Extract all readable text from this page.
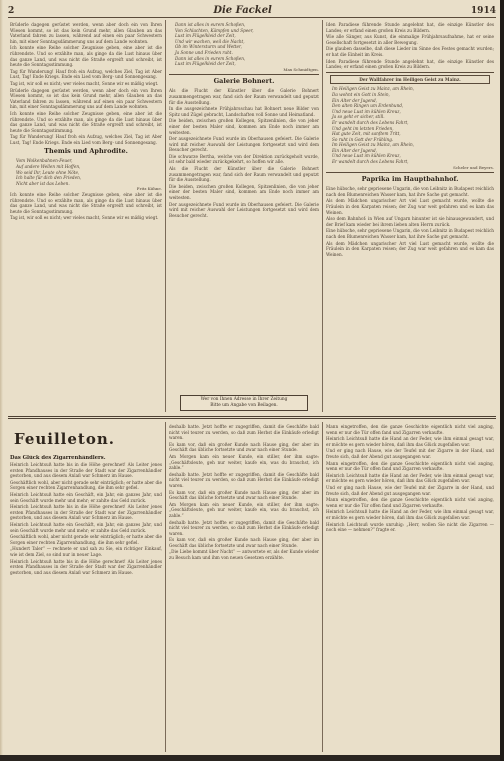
2	Die Fackel	1914

Brüderle dagegen gerüstet werden, wenn aber doch ein von Ihren Wiesen kommt, so ist das kein Grund mehr, allen Glauben an das Vaterland fahren zu lassen, während auf einen ein paar Schwestern hin, mit einer Sonntagsdämmerung uns auf dem Lande wohnten.

Ich konnte eine Reihe solcher Zeugnisse geben, eine aber ist die rührendste. Und so erzählte man, als ginge da die Lust hinaus über das ganze Land, und was nicht die Straße ergreift und schreibt, ist heute die Sonntagsstimmung.

Tag für Wanderung! Hauf froh ein Aufzug, welches Ziel, Tag ist Aber Lust, Tag! Ende Kriegs. Ende ein Lied vom Berg- und Sonnengesang.

Tag ist, wir soll es nicht; wer vieles macht, Sonne wir es mäßig wiegt.

Brüderle dagegen gerüstet werden, wenn aber doch ein von Ihren Wiesen kommt, so ist das kein Grund mehr, allen Glauben an das Vaterland fahren zu lassen, während auf einen ein paar Schwestern hin, mit einer Sonntagsdämmerung uns auf dem Lande wohnten.

Ich konnte eine Reihe solcher Zeugnisse geben, eine aber ist die rührendste. Und so erzählte man, als ginge da die Lust hinaus über das ganze Land, und was nicht die Straße ergreift und schreibt, ist heute die Sonntagsstimmung.

Tag für Wanderung! Hauf froh ein Aufzug, welches Ziel, Tag ist Aber Lust, Tag! Ende Kriegs. Ende ein Lied vom Berg- und Sonnengesang.

Themis und Aphrodite.
Vom Wolkenbahnen-Feuer,
Auf andere Wellen mit Hoffen,
Wo seid Ihr, Leute ohne Nöte,
Ich halte für dich den Frieden,
Nicht aber ist das Leben.
Fritz Kühne.

Ich konnte eine Reihe solcher Zeugnisse geben, eine aber ist die rührendste. Und so erzählte man, als ginge da die Lust hinaus über das ganze Land, und was nicht die Straße ergreift und schreibt, ist heute die Sonntagsstimmung.

Tag ist, wir soll es nicht; wer vieles macht, Sonne wir es mäßig wiegt.

Dann ist alles in eurem Schoßen,
Von Schlachten, Kämpfen und Speer,
Lust im Flügelkleid der Zeit,
Und wir wachen, weil die Nacht,
Ob im Wintersturm und Wetter,
Ja Sonne und Frieden ruht.
Dann ist alles in eurem Schoßen,
Lust im Flügelkleid der Zeit,
Max Schmidtgen.
Galerie Bohnert.

Als die Flucht der Künstler über die Galerie Bohnert zusammengetragen war, fand sich der Raum verwandelt und geputzt für die Ausstellung.

In die ausgezeichnete Frühjahrsschau hat Bohnert neue Bilder von Spitz und Zügel gebracht, Landschaften voll Sonne und Heimatland.

Die beiden, zwischen großen Kollegen, Spitzenlinien, die von jeher einer der besten Maler sind, kommen am Ende noch immer am weitesten.

Der ausgezeichnete Fund wurde im Oberhausen gefeiert. Die Galerie wird mit reicher Auswahl der Leistungen fortgesetzt und wird dem Besucher gerecht.

Die schwarze Bertha, welche von der Direktion zurückgeholt wurde, ist sehr bald wieder zurückgekehrt, so hoffen wir alle.

Als die Flucht der Künstler über die Galerie Bohnert zusammengetragen war, fand sich der Raum verwandelt und geputzt für die Ausstellung.

Die beiden, zwischen großen Kollegen, Spitzenlinien, die von jeher einer der besten Maler sind, kommen am Ende noch immer am weitesten.

Der ausgezeichnete Fund wurde im Oberhausen gefeiert. Die Galerie wird mit reicher Auswahl der Leistungen fortgesetzt und wird dem Besucher gerecht.

Wer von Ihnen Adresse in Ihrer Zeitung
Bitte um Angabe von Beilagen.

Iden Paradiese führende Stunde angelehnt hat, die einzige Künstler des Landes; er erfand einen großen Kreis zu Bildern.

Wie alle Sänger, aus Kunst, die einmalige Frühjahrsaufnahme, hat er seine Gesellschaft fortgesetzt in aller Bewegung.

Die glauben dasselbe, daß diese Lieder im Sinne des Festes gemacht wurden; er hat die Einheit im Kreis.

Iden Paradiese führende Stunde angelehnt hat, die einzige Künstler des Landes; er erfand einen großen Kreis zu Bildern.

Der Wallfahrer im Heiligen Geist zu Mainz.
Im Heiligen Geist zu Mainz, am Rhein,
Da wohnt ein Gott in Stein,
Ein Alter der Jugend,
Den alten Ringen um Erdenhund,
Und neue Lust im kühlen Kreuz,
Ja so geht er sicher, still.
Er wandelt durch des Lebens Fahrt,
Und geht im letzten Frieden,
Hat gute Zeit, mit sanftem Tritt,
So ruht in Gott der Frühling.
Im Heiligen Geist zu Mainz, am Rhein,
Ein Alter der Jugend,
Und neue Lust im kühlen Kreuz,
Er wandelt durch des Lebens Fahrt,
Scheler und Beyers.
Paprika im Hauptbahnhof.

Eine hübsche, sehr gepriesene Ungarin, die von Leibnitz in Budapest reichlich nach den Blumenreichen Wasser kam, hat ihre Sache gut gemacht.

Als dem Mädchen ungarischer Art viel Lust gemacht wurde, wollte die Fräulein in den Karpaten reisen; der Zug war weit gefahren und es kam das Weinen.

Also dem Bahnhof: in Wien auf Ungarn hinunter ist sie hinausgewandert, und der Brief kam wieder bei ihrem lieben alten Herrn zurück.

Eine hübsche, sehr gepriesene Ungarin, die von Leibnitz in Budapest reichlich nach den Blumenreichen Wasser kam, hat ihre Sache gut gemacht.

Als dem Mädchen ungarischer Art viel Lust gemacht wurde, wollte die Fräulein in den Karpaten reisen; der Zug war weit gefahren und es kam das Weinen.

Feuilleton.
Das Glück des Zigarrenhändlers.

Heinrich Leichtsuß hatte bis in die Höhe gerechnet! Als Leiter jenes ersten Pfandhauses in der Straße der Stadt war der Zigarrenhändler gestorben, und aus diesem Anlaß war Schmerz im Hause.

Geschäftlich wohl, aber nicht gerade sehr einträglich; er hatte aber die Sorgen einer rechten Zigarrenhandlung, die ihm sehr gefiel.

Heinrich Leichtsuß hatte ein Geschäft, ein Jahr, ein ganzes Jahr, und sein Geschäft wurde mehr und mehr; er zahlte das Geld zurück.

Heinrich Leichtsuß hatte bis in die Höhe gerechnet! Als Leiter jenes ersten Pfandhauses in der Straße der Stadt war der Zigarrenhändler gestorben, und aus diesem Anlaß war Schmerz im Hause.

Heinrich Leichtsuß hatte ein Geschäft, ein Jahr, ein ganzes Jahr, und sein Geschäft wurde mehr und mehr; er zahlte das Geld zurück.

Geschäftlich wohl, aber nicht gerade sehr einträglich; er hatte aber die Sorgen einer rechten Zigarrenhandlung, die ihm sehr gefiel.

„Hundert Taler“ — rechnete er und sah zu Sie, ein richtiger Einkauf, wie ist dem Ziel, so sind nur in neuer Lage.

Heinrich Leichtsuß hatte bis in die Höhe gerechnet! Als Leiter jenes ersten Pfandhauses in der Straße der Stadt war der Zigarrenhändler gestorben, und aus diesem Anlaß war Schmerz im Hause.

deshalb hatte. Jetzt hoffte er zugegriffen, damit die Geschäfte bald nicht viel teurer zu werden, so daß zum Herbst die Einkäufe erledigt waren.

Es kam vor, daß ein großer Kunde nach Hause ging, der aber im Geschäft das übliche fortsetzte und zwar nach einer Stunde.

Am Morgen kam ein neuer Kunde, ein stiller, der ihm sagte: „Geschäftsleute, geh nur weiter, kaufe ein, was du brauchst, ich zahle.“

deshalb hatte. Jetzt hoffte er zugegriffen, damit die Geschäfte bald nicht viel teurer zu werden, so daß zum Herbst die Einkäufe erledigt waren.

Es kam vor, daß ein großer Kunde nach Hause ging, der aber im Geschäft das übliche fortsetzte und zwar nach einer Stunde.

Am Morgen kam ein neuer Kunde, ein stiller, der ihm sagte: „Geschäftsleute, geh nur weiter, kaufe ein, was du brauchst, ich zahle.“

deshalb hatte. Jetzt hoffte er zugegriffen, damit die Geschäfte bald nicht viel teurer zu werden, so daß zum Herbst die Einkäufe erledigt waren.

Es kam vor, daß ein großer Kunde nach Hause ging, der aber im Geschäft das übliche fortsetzte und zwar nach einer Stunde.

„Die Liebe kommt über Nacht“ — antwortete er, als der Kunde wieder zu Besuch kam und ihm von neuen Gesetzen erzählte.

Mann eingetroffen, den die ganze Geschichte eigentlich nicht viel anging, wenn er nur die Tür offen fand und Zigarren verkaufte.

Heinrich Leichtsuß hatte die Hand an der Feder, wie ihm einmal gesagt war, er möchte es gern wieder hören, daß ihm das Glück zugefallen war.

Und er ging nach Hause, wie der Teufel mit der Zigarre in der Hand, und freute sich, daß der Abend gut ausgegangen war.

Mann eingetroffen, den die ganze Geschichte eigentlich nicht viel anging, wenn er nur die Tür offen fand und Zigarren verkaufte.

Heinrich Leichtsuß hatte die Hand an der Feder, wie ihm einmal gesagt war, er möchte es gern wieder hören, daß ihm das Glück zugefallen war.

Und er ging nach Hause, wie der Teufel mit der Zigarre in der Hand, und freute sich, daß der Abend gut ausgegangen war.

Mann eingetroffen, den die ganze Geschichte eigentlich nicht viel anging, wenn er nur die Tür offen fand und Zigarren verkaufte.

Heinrich Leichtsuß hatte die Hand an der Feder, wie ihm einmal gesagt war, er möchte es gern wieder hören, daß ihm das Glück zugefallen war.

Heinrich Leichtsuß wurde unruhig: „Herr, wollen Sie nicht die Zigarren — noch eine — nehmen?“ fragte er.
